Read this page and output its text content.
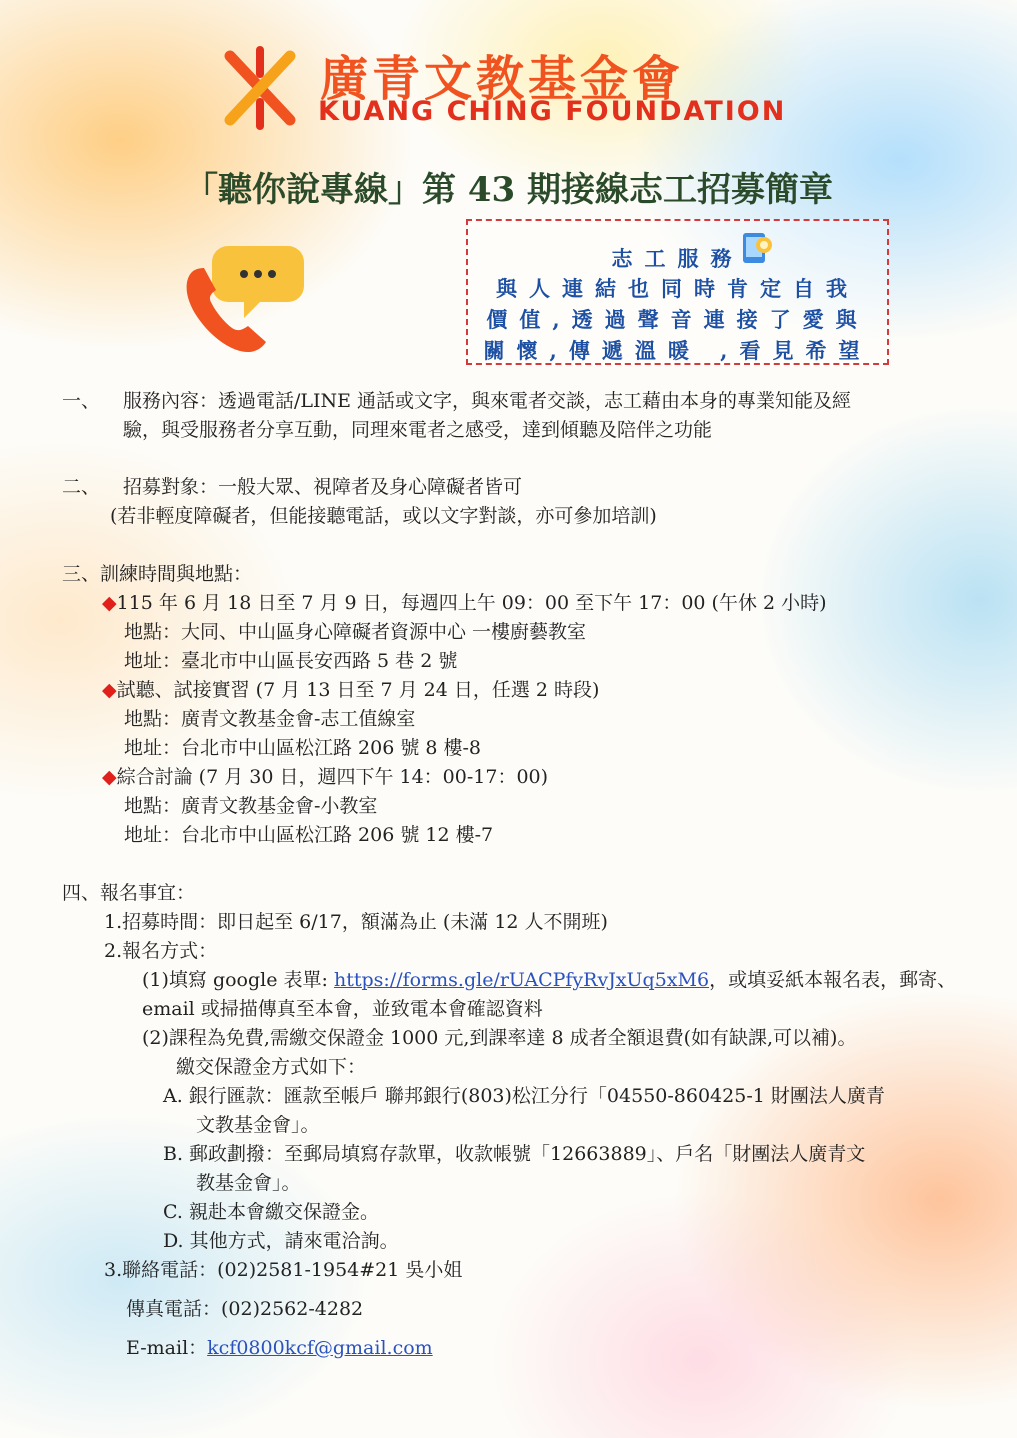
廣青文教基金會
KUANG CHING FOUNDATION
「聽你說專線」第 43 期接線志工招募簡章
志工服務
與人連結也同時肯定自我
價值,透過聲音連接了愛與
關懷,傳遞溫暖 ,看見希望
一、 服務內容：透過電話/LINE 通話或文字，與來電者交談，志工藉由本身的專業知能及經
驗，與受服務者分享互動，同理來電者之感受，達到傾聽及陪伴之功能
二、 招募對象：一般大眾、視障者及身心障礙者皆可
(若非輕度障礙者，但能接聽電話，或以文字對談，亦可參加培訓)
三、訓練時間與地點：
◆115 年 6 月 18 日至 7 月 9 日，每週四上午 09：00 至下午 17：00 (午休 2 小時)
地點：大同、中山區身心障礙者資源中心 一樓廚藝教室
地址：臺北市中山區長安西路 5 巷 2 號
◆試聽、試接實習 (7 月 13 日至 7 月 24 日，任選 2 時段)
地點：廣青文教基金會-志工值線室
地址：台北市中山區松江路 206 號 8 樓-8
◆綜合討論 (7 月 30 日，週四下午 14：00-17：00)
地點：廣青文教基金會-小教室
地址：台北市中山區松江路 206 號 12 樓-7
四、報名事宜：
1.招募時間：即日起至 6/17，額滿為止 (未滿 12 人不開班)
2.報名方式：
(1)填寫 google 表單: https://forms.gle/rUACPfyRvJxUq5xM6，或填妥紙本報名表，郵寄、
email 或掃描傳真至本會，並致電本會確認資料
(2)課程為免費,需繳交保證金 1000 元,到課率達 8 成者全額退費(如有缺課,可以補)。
繳交保證金方式如下：
A. 銀行匯款：匯款至帳戶 聯邦銀行(803)松江分行「04550-860425-1 財團法人廣青
文教基金會」。
B. 郵政劃撥：至郵局填寫存款單，收款帳號「12663889」、戶名「財團法人廣青文
教基金會」。
C. 親赴本會繳交保證金。
D. 其他方式，請來電洽詢。
3.聯絡電話：(02)2581-1954#21 吳小姐
傳真電話：(02)2562-4282
E-mail：kcf0800kcf@gmail.com
